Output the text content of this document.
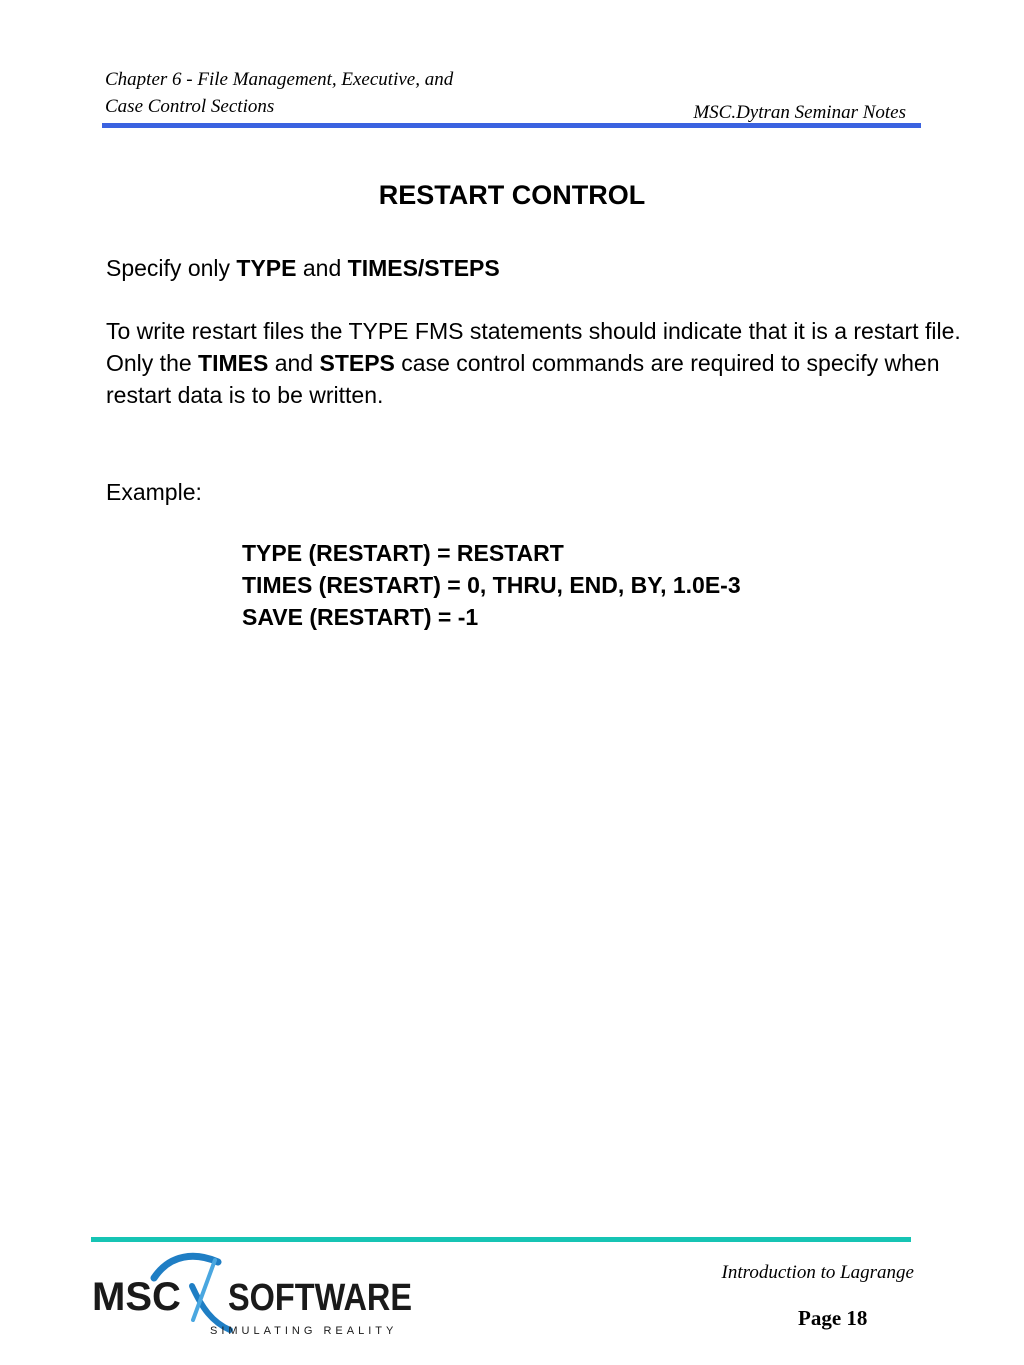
Chapter 6 - File Management, Executive, and
Case Control Sections	MSC.Dytran Seminar Notes
RESTART CONTROL
Specify only TYPE and TIMES/STEPS
To write restart files the TYPE FMS statements should indicate that it is a restart file. Only the TIMES and STEPS case control commands are required to specify when restart data is to be written.
Example:
TYPE (RESTART) = RESTART
TIMES (RESTART) = 0, THRU, END, BY, 1.0E-3
SAVE (RESTART) = -1
MSC SOFTWARE
SIMULATING REALITY
Introduction to Lagrange
Page 18
